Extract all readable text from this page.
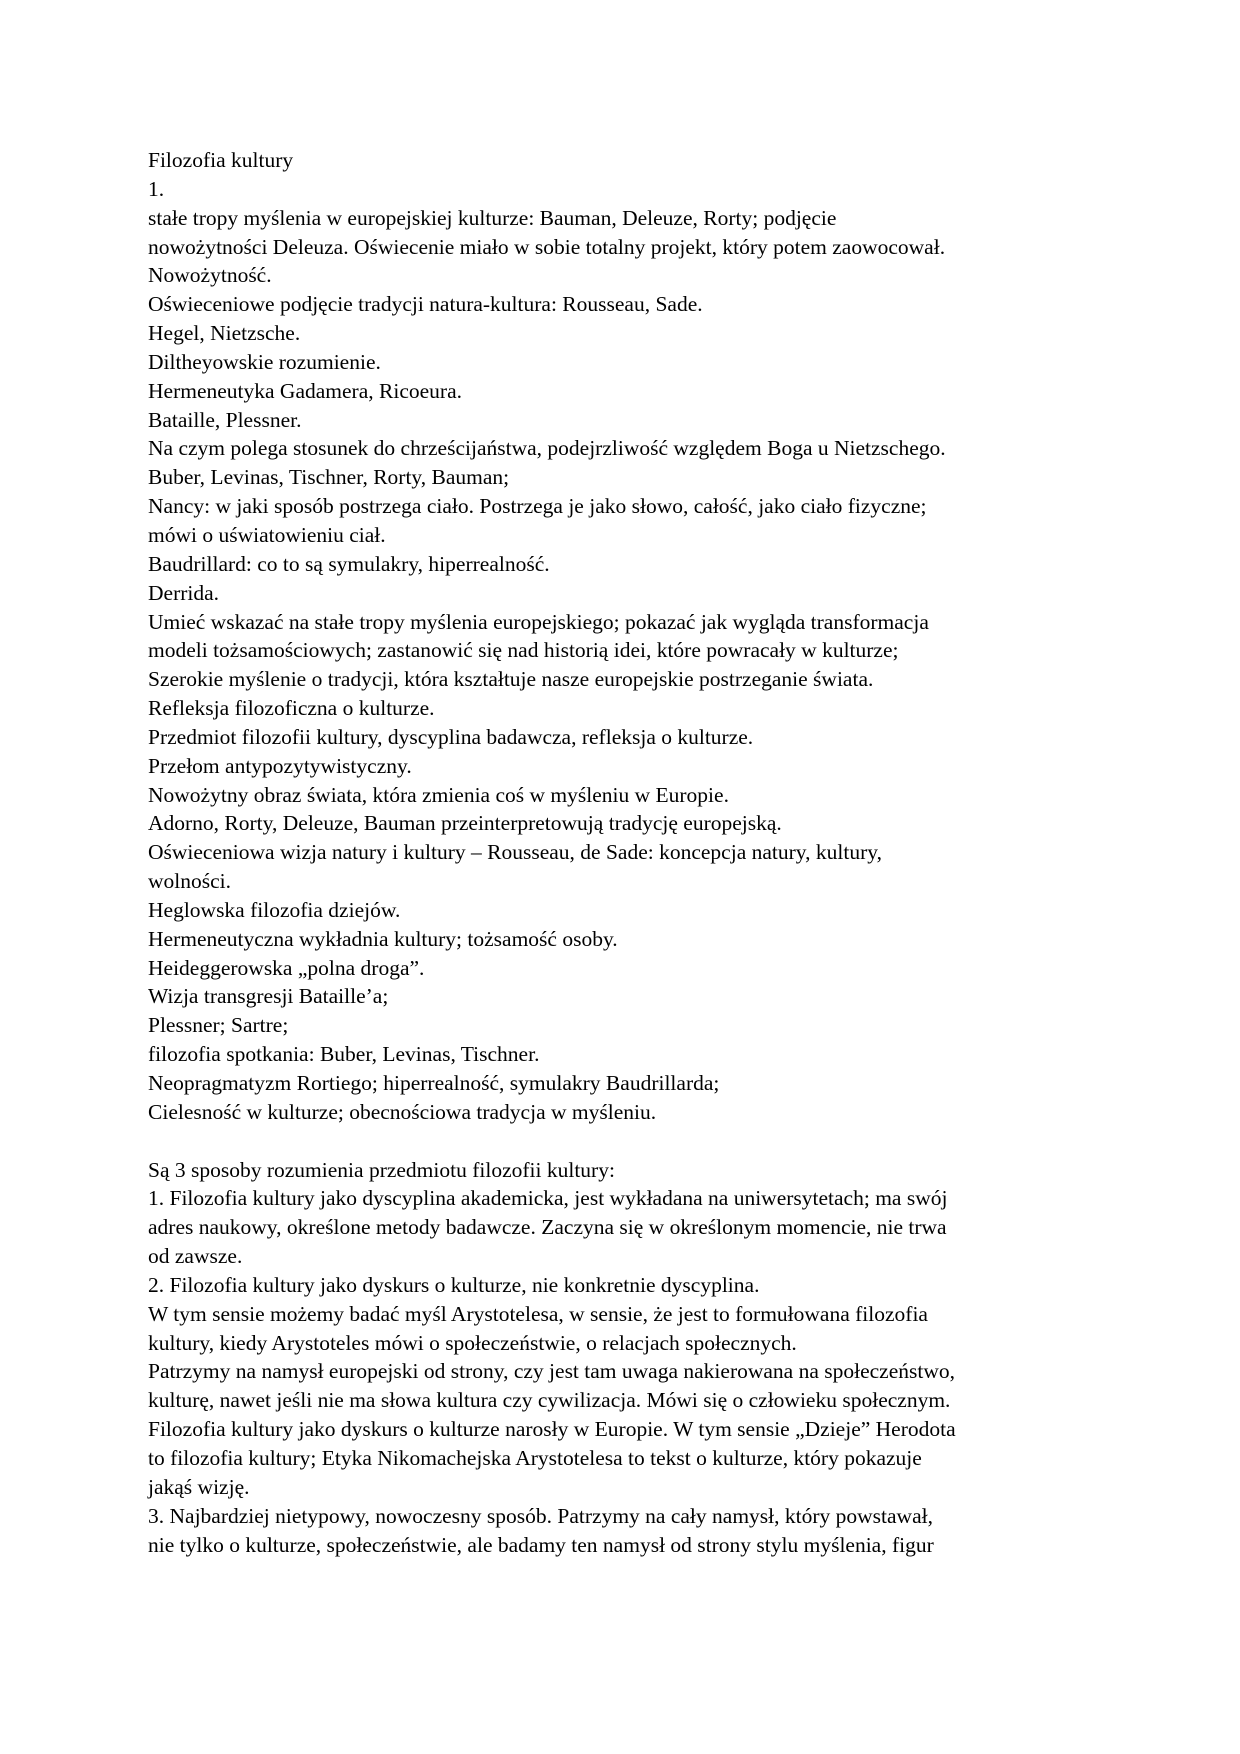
Filozofia kultury
1.
stałe tropy myślenia w europejskiej kulturze: Bauman, Deleuze, Rorty; podjęcie
nowożytności Deleuza. Oświecenie miało w sobie totalny projekt, który potem zaowocował.
Nowożytność.
Oświeceniowe podjęcie tradycji natura-kultura: Rousseau, Sade.
Hegel, Nietzsche.
Diltheyowskie rozumienie.
Hermeneutyka Gadamera, Ricoeura.
Bataille, Plessner.
Na czym polega stosunek do chrześcijaństwa, podejrzliwość względem Boga u Nietzschego.
Buber, Levinas, Tischner, Rorty, Bauman;
Nancy: w jaki sposób postrzega ciało. Postrzega je jako słowo, całość, jako ciało fizyczne;
mówi o uświatowieniu ciał.
Baudrillard: co to są symulakry, hiperrealność.
Derrida.
Umieć wskazać na stałe tropy myślenia europejskiego; pokazać jak wygląda transformacja
modeli tożsamościowych; zastanowić się nad historią idei, które powracały w kulturze;
Szerokie myślenie o tradycji, która kształtuje nasze europejskie postrzeganie świata.
Refleksja filozoficzna o kulturze.
Przedmiot filozofii kultury, dyscyplina badawcza, refleksja o kulturze.
Przełom antypozytywistyczny.
Nowożytny obraz świata, która zmienia coś w myśleniu w Europie.
Adorno, Rorty, Deleuze, Bauman przeinterpretowują tradycję europejską.
Oświeceniowa wizja natury i kultury – Rousseau, de Sade: koncepcja natury, kultury,
wolności.
Heglowska filozofia dziejów.
Hermeneutyczna wykładnia kultury; tożsamość osoby.
Heideggerowska „polna droga”.
Wizja transgresji Bataille’a;
Plessner; Sartre;
filozofia spotkania: Buber, Levinas, Tischner.
Neopragmatyzm Rortiego; hiperrealność, symulakry Baudrillarda;
Cielesność w kulturze; obecnościowa tradycja w myśleniu.
Są 3 sposoby rozumienia przedmiotu filozofii kultury:
1. Filozofia kultury jako dyscyplina akademicka, jest wykładana na uniwersytetach; ma swój
adres naukowy, określone metody badawcze. Zaczyna się w określonym momencie, nie trwa
od zawsze.
2. Filozofia kultury jako dyskurs o kulturze, nie konkretnie dyscyplina.
W tym sensie możemy badać myśl Arystotelesa, w sensie, że jest to formułowana filozofia
kultury, kiedy Arystoteles mówi o społeczeństwie, o relacjach społecznych.
Patrzymy na namysł europejski od strony, czy jest tam uwaga nakierowana na społeczeństwo,
kulturę, nawet jeśli nie ma słowa kultura czy cywilizacja. Mówi się o człowieku społecznym.
Filozofia kultury jako dyskurs o kulturze narosły w Europie. W tym sensie „Dzieje” Herodota
to filozofia kultury; Etyka Nikomachejska Arystotelesa to tekst o kulturze, który pokazuje
jakąś wizję.
3. Najbardziej nietypowy, nowoczesny sposób. Patrzymy na cały namysł, który powstawał,
nie tylko o kulturze, społeczeństwie, ale badamy ten namysł od strony stylu myślenia, figur
